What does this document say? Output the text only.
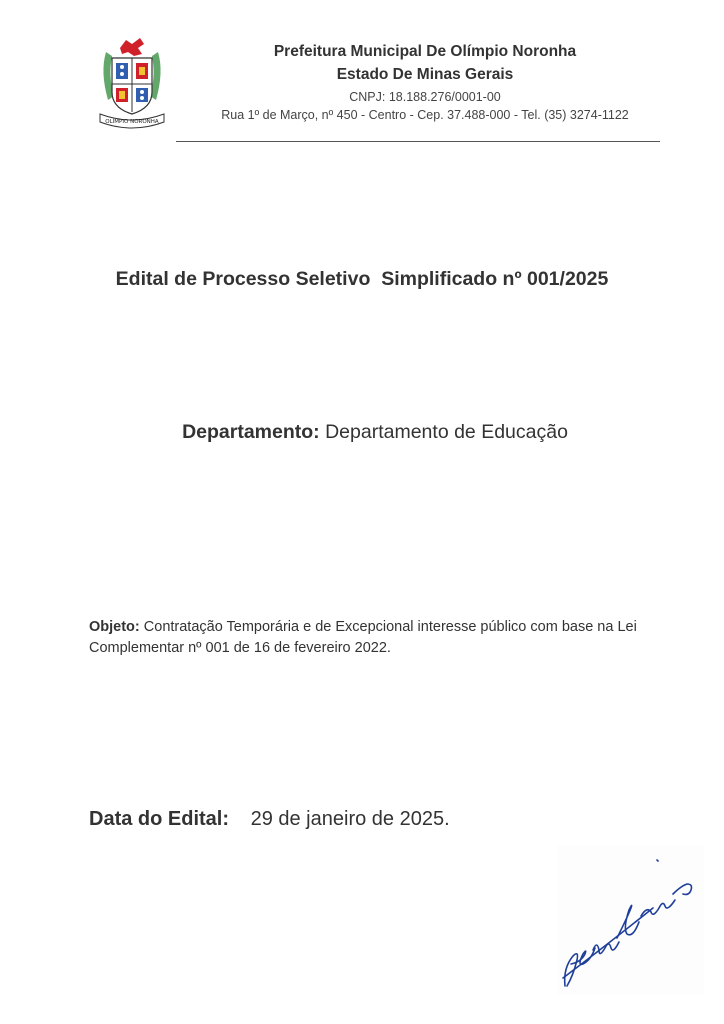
OLÍMPIO NORONHA
Prefeitura Municipal De Olímpio Noronha
Estado De Minas Gerais
CNPJ: 18.188.276/0001-00
Rua 1º de Março, nº 450 - Centro - Cep. 37.488-000 - Tel. (35) 3274-1122
Edital de Processo Seletivo  Simplificado nº 001/2025
Departamento: Departamento de Educação
Objeto: Contratação Temporária e de Excepcional interesse público com base na Lei Complementar nº 001 de 16 de fevereiro 2022.
Data do Edital: 29 de janeiro de 2025.
